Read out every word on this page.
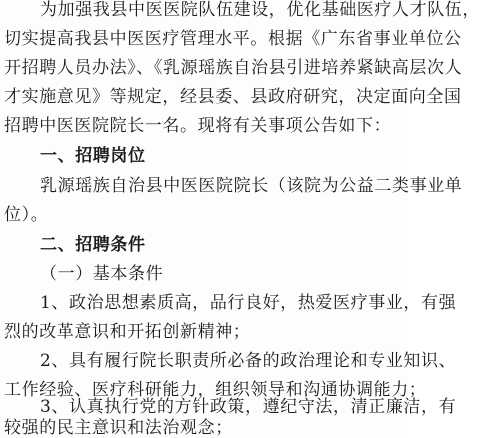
为加强我县中医医院队伍建设，优化基础医疗人才队伍，
切实提高我县中医医疗管理水平。根据《广东省事业单位公
开招聘人员办法》、《乳源瑶族自治县引进培养紧缺高层次人
才实施意见》等规定，经县委、县政府研究，决定面向全国
招聘中医医院院长一名。现将有关事项公告如下：
一、招聘岗位
乳源瑶族自治县中医医院院长（该院为公益二类事业单
位）。
二、招聘条件
（一）基本条件
1、政治思想素质高，品行良好，热爱医疗事业，有强
烈的改革意识和开拓创新精神；
2、具有履行院长职责所必备的政治理论和专业知识、
工作经验、医疗科研能力，组织领导和沟通协调能力；
3、认真执行党的方针政策，遵纪守法，清正廉洁，有
较强的民主意识和法治观念；
